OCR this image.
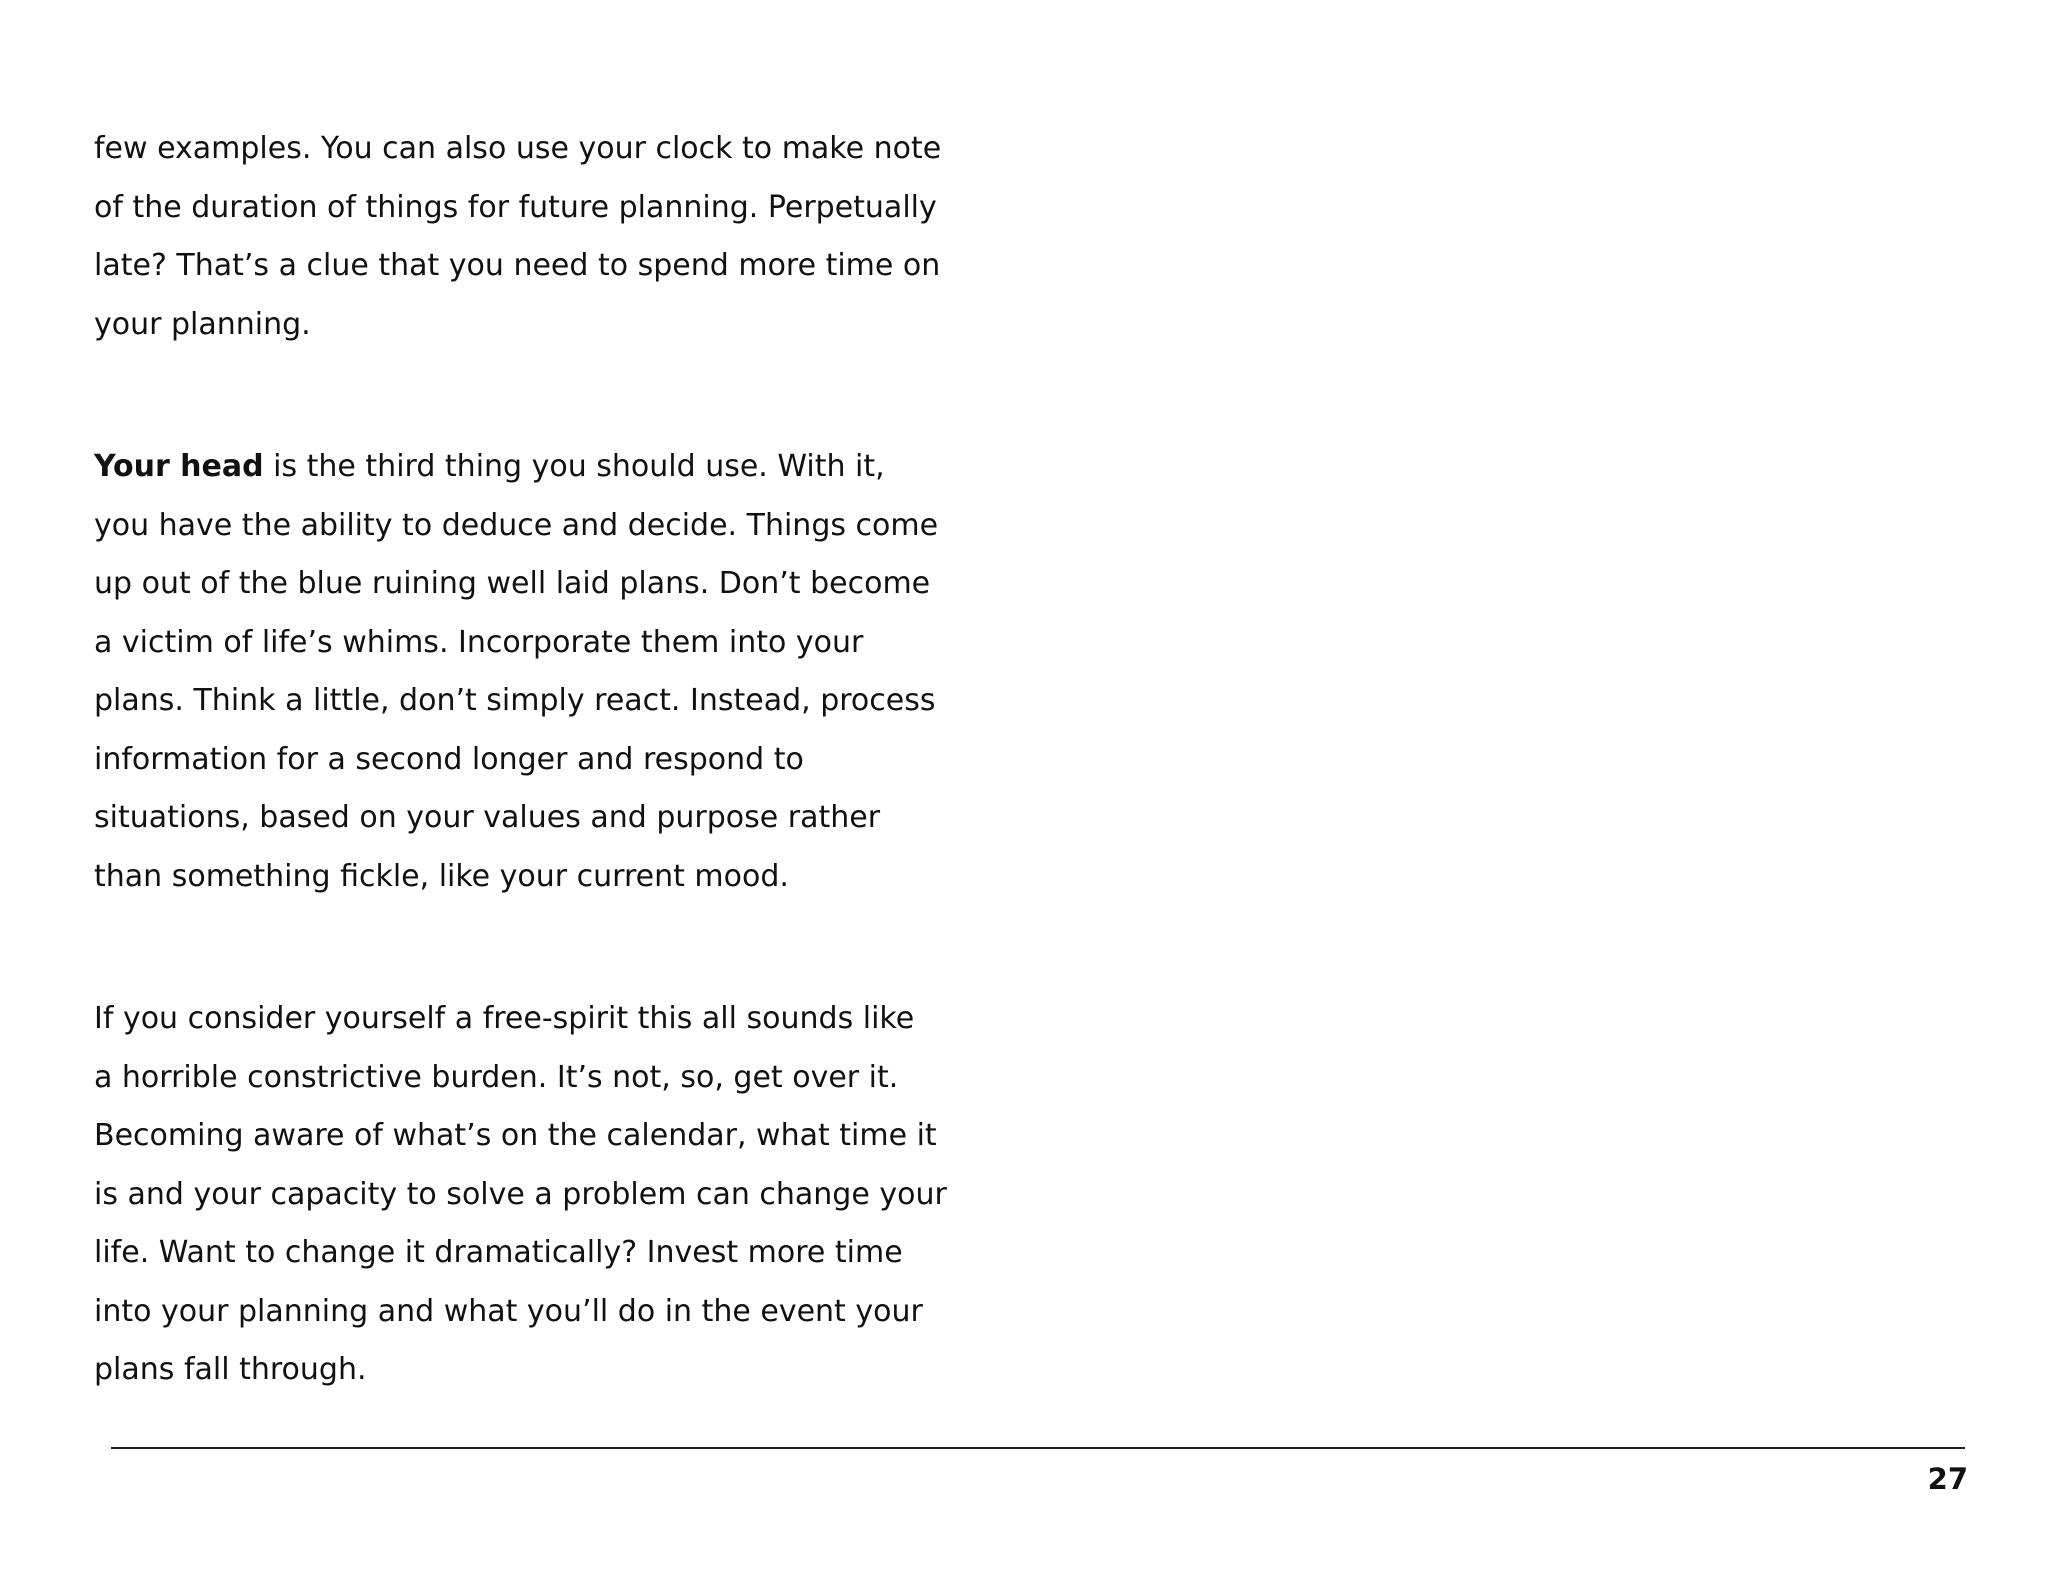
few examples. You can also use your clock to make note
of the duration of things for future planning. Perpetually
late? That’s a clue that you need to spend more time on
your planning.
Your head is the third thing you should use. With it,
you have the ability to deduce and decide. Things come
up out of the blue ruining well laid plans. Don’t become
a victim of life’s whims. Incorporate them into your
plans. Think a little, don’t simply react. Instead, process
information for a second longer and respond to
situations, based on your values and purpose rather
than something fickle, like your current mood.
If you consider yourself a free-spirit this all sounds like
a horrible constrictive burden. It’s not, so, get over it.
Becoming aware of what’s on the calendar, what time it
is and your capacity to solve a problem can change your
life. Want to change it dramatically? Invest more time
into your planning and what you’ll do in the event your
plans fall through.
27
